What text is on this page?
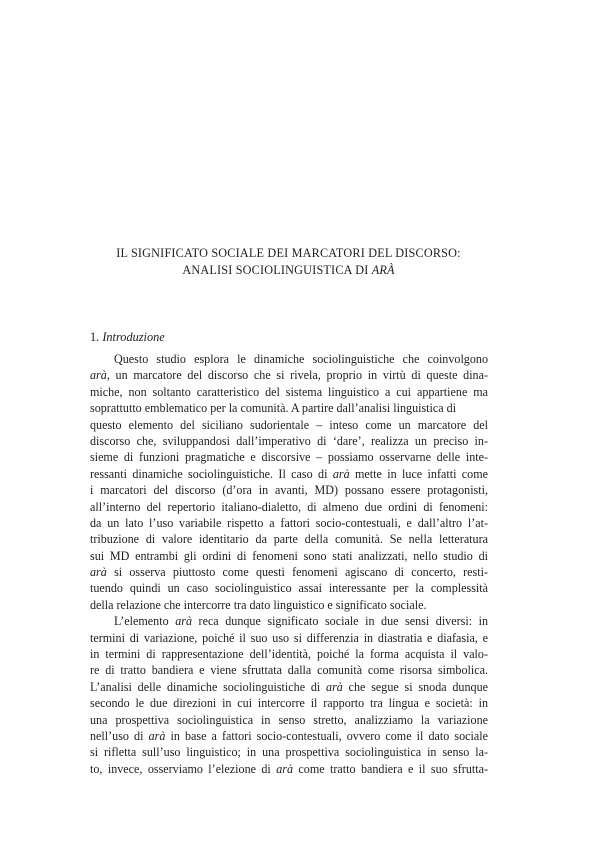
IL SIGNIFICATO SOCIALE DEI MARCATORI DEL DISCORSO:
ANALISI SOCIOLINGUISTICA DI ARÀ
1. Introduzione
Questo studio esplora le dinamiche sociolinguistiche che coinvolgono
arà, un marcatore del discorso che si rivela, proprio in virtù di queste dina-
miche, non soltanto caratteristico del sistema linguistico a cui appartiene ma
soprattutto emblematico per la comunità. A partire dall’analisi linguistica di
questo elemento del siciliano sudorientale – inteso come un marcatore del
discorso che, sviluppandosi dall’imperativo di ‘dare’, realizza un preciso in-
sieme di funzioni pragmatiche e discorsive – possiamo osservarne delle inte-
ressanti dinamiche sociolinguistiche. Il caso di arà mette in luce infatti come
i marcatori del discorso (d’ora in avanti, MD) possano essere protagonisti,
all’interno del repertorio italiano-dialetto, di almeno due ordini di fenomeni:
da un lato l’uso variabile rispetto a fattori socio-contestuali, e dall’altro l’at-
tribuzione di valore identitario da parte della comunità. Se nella letteratura
sui MD entrambi gli ordini di fenomeni sono stati analizzati, nello studio di
arà si osserva piuttosto come questi fenomeni agiscano di concerto, resti-
tuendo quindi un caso sociolinguistico assai interessante per la complessità
della relazione che intercorre tra dato linguistico e significato sociale.
L’elemento arà reca dunque significato sociale in due sensi diversi: in
termini di variazione, poiché il suo uso si differenzia in diastratia e diafasia, e
in termini di rappresentazione dell’identità, poiché la forma acquista il valo-
re di tratto bandiera e viene sfruttata dalla comunità come risorsa simbolica.
L’analisi delle dinamiche sociolinguistiche di arà che segue si snoda dunque
secondo le due direzioni in cui intercorre il rapporto tra lingua e società: in
una prospettiva sociolinguistica in senso stretto, analizziamo la variazione
nell’uso di arà in base a fattori socio-contestuali, ovvero come il dato sociale
si rifletta sull’uso linguistico; in una prospettiva sociolinguistica in senso la-
to, invece, osserviamo l’elezione di arà come tratto bandiera e il suo sfrutta-
